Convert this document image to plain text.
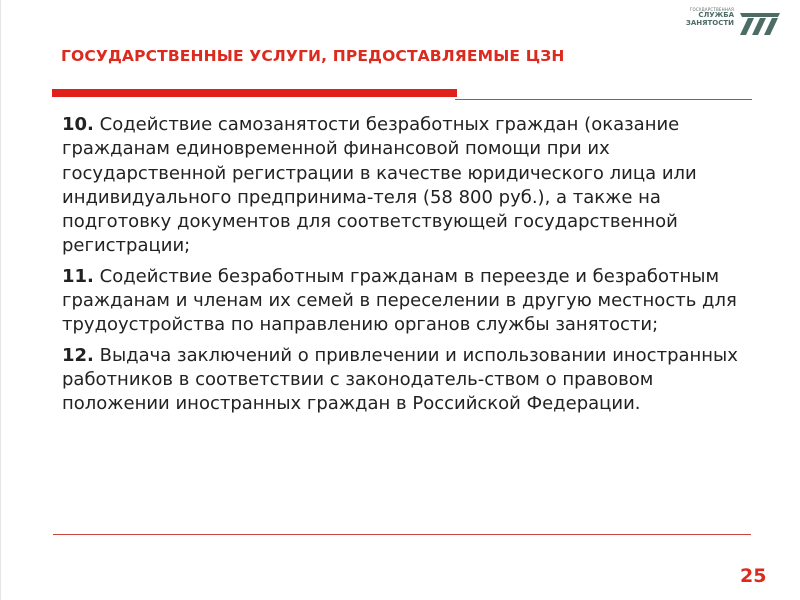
ГОСУДАРСТВЕННАЯ
СЛУЖБА
ЗАНЯТОСТИ
ГОСУДАРСТВЕННЫЕ УСЛУГИ, ПРЕДОСТАВЛЯЕМЫЕ ЦЗН

10. Содействие самозанятости безработных граждан (оказание гражданам единовременной финансовой помощи при их государственной регистрации в качестве юридического лица или индивидуального предпринима-теля (58 800 руб.), а также на подготовку документов для соответствующей государственной регистрации;

11. Содействие безработным гражданам в переезде и безработным гражданам и членам их семей в переселении в другую местность для трудоустройства по направлению органов службы занятости;

12. Выдача заключений о привлечении и использовании иностранных работников в соответствии с законодатель-ством о правовом положении иностранных граждан в Российской Федерации.

25
